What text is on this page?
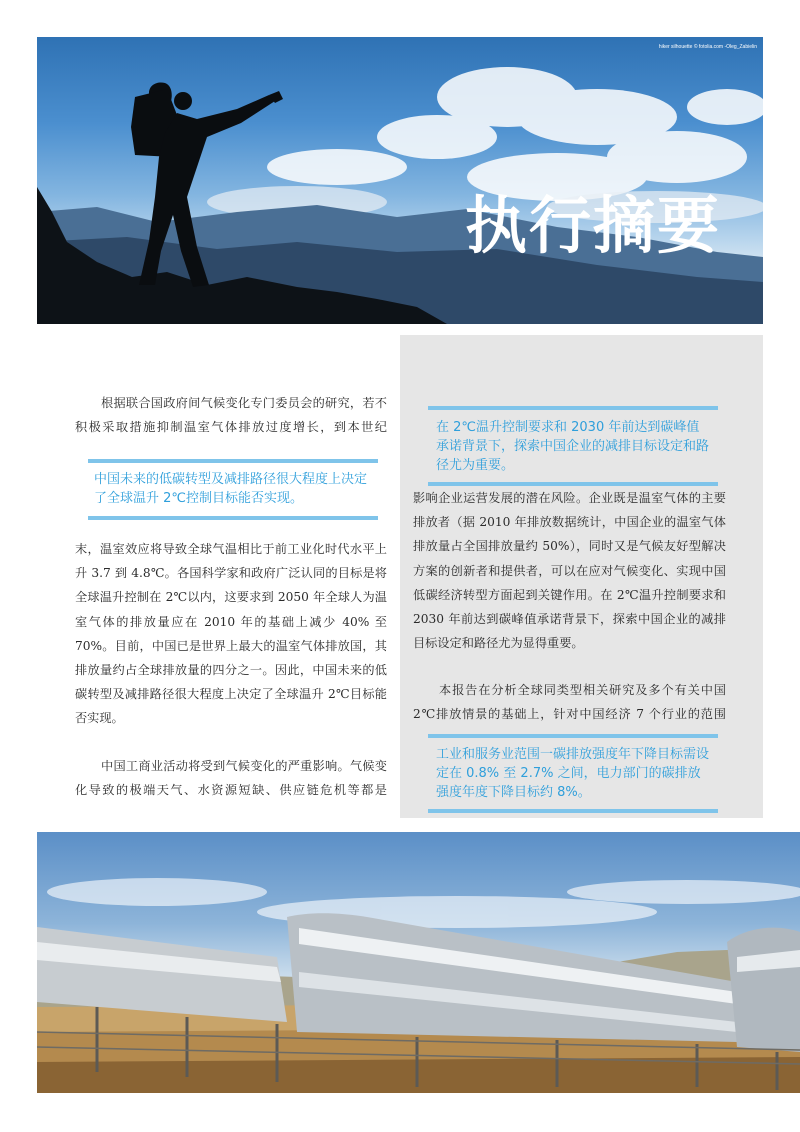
hiker silhouette © fotolia.com -Oleg_Zabielin
执行摘要

根据联合国政府间气候变化专门委员会的研究，若不积极采取措施抑制温室气体排放过度增长，到本世纪

中国未来的低碳转型及减排路径很大程度上决定了全球温升 2℃控制目标能否实现。

末，温室效应将导致全球气温相比于前工业化时代水平上升 3.7 到 4.8℃。各国科学家和政府广泛认同的目标是将全球温升控制在 2℃以内，这要求到 2050 年全球人为温室气体的排放量应在 2010 年的基础上减少 40% 至 70%。目前，中国已是世界上最大的温室气体排放国，其排放量约占全球排放量的四分之一。因此，中国未来的低碳转型及减排路径很大程度上决定了全球温升 2℃目标能否实现。

中国工商业活动将受到气候变化的严重影响。气候变化导致的极端天气、水资源短缺、供应链危机等都是

在 2℃温升控制要求和 2030 年前达到碳峰值承诺背景下，探索中国企业的减排目标设定和路径尤为重要。

影响企业运营发展的潜在风险。企业既是温室气体的主要排放者（据 2010 年排放数据统计，中国企业的温室气体排放量占全国排放量约 50%），同时又是气候友好型解决方案的创新者和提供者，可以在应对气候变化、实现中国低碳经济转型方面起到关键作用。在 2℃温升控制要求和 2030 年前达到碳峰值承诺背景下，探索中国企业的减排目标设定和路径尤为显得重要。

本报告在分析全球同类型相关研究及多个有关中国 2℃排放情景的基础上，针对中国经济 7 个行业的范围

工业和服务业范围一碳排放强度年下降目标需设定在 0.8% 至 2.7% 之间，电力部门的碳排放强度年度下降目标约 8%。
